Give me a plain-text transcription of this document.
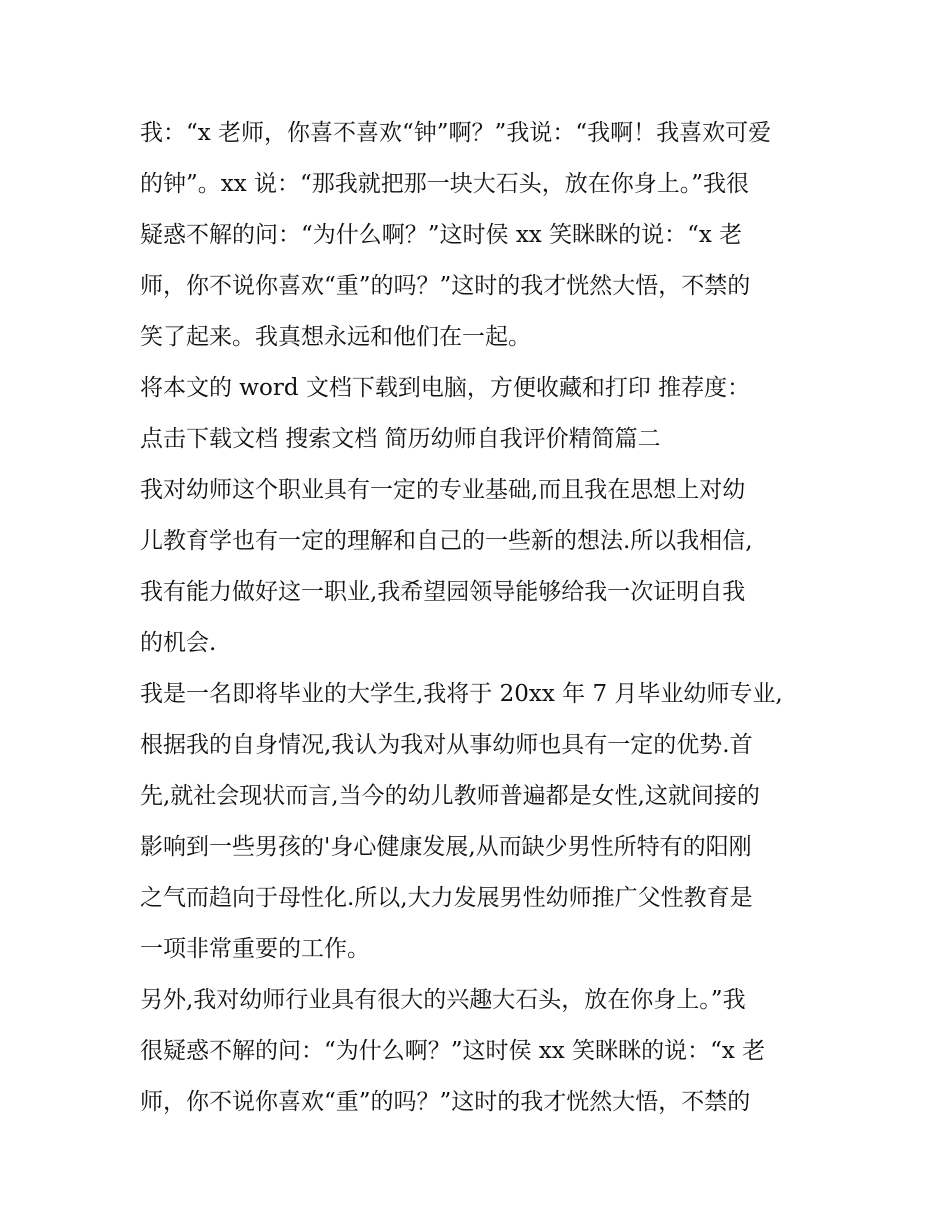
我：“x 老师，你喜不喜欢“钟”啊？”我说：“我啊！我喜欢可爱
的钟”。xx 说：“那我就把那一块大石头，放在你身上。”我很
疑惑不解的问：“为什么啊？”这时侯 xx 笑眯眯的说：“x 老
师，你不说你喜欢“重”的吗？”这时的我才恍然大悟，不禁的
笑了起来。我真想永远和他们在一起。

将本文的 word 文档下载到电脑，方便收藏和打印 推荐度：

点击下载文档 搜索文档 简历幼师自我评价精简篇二

我对幼师这个职业具有一定的专业基础,而且我在思想上对幼
儿教育学也有一定的理解和自己的一些新的想法.所以我相信,
我有能力做好这一职业,我希望园领导能够给我一次证明自我
的机会.

我是一名即将毕业的大学生,我将于 20xx 年 7 月毕业幼师专业,
根据我的自身情况,我认为我对从事幼师也具有一定的优势.首
先,就社会现状而言,当今的幼儿教师普遍都是女性,这就间接的
影响到一些男孩的'身心健康发展,从而缺少男性所特有的阳刚
之气而趋向于母性化.所以,大力发展男性幼师推广父性教育是
一项非常重要的工作。

另外,我对幼师行业具有很大的兴趣大石头，放在你身上。”我
很疑惑不解的问：“为什么啊？”这时侯 xx 笑眯眯的说：“x 老
师，你不说你喜欢“重”的吗？”这时的我才恍然大悟，不禁的
